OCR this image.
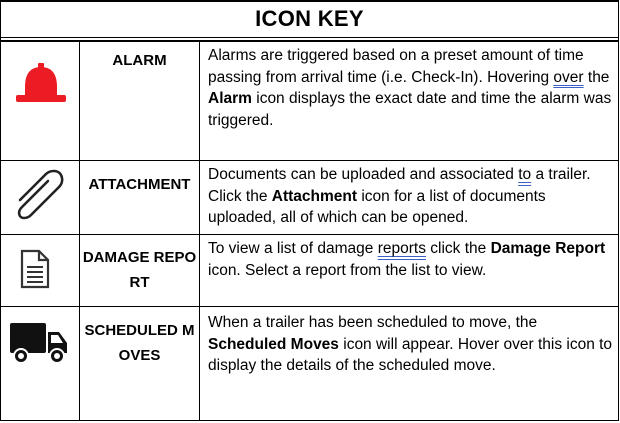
ICON KEY
ALARM	Alarms are triggered based on a preset amount of time passing from arrival time (i.e. Check-In). Hovering over the Alarm icon displays the exact date and time the alarm was triggered.
ATTACHMENT
Documents can be uploaded and associated to a trailer. Click the Attachment icon for a list of documents uploaded, all of which can be opened.
DAMAGE REPORT
To view a list of damage reports click the Damage Report icon. Select a report from the list to view.
SCHEDULED MOVES
When a trailer has been scheduled to move, the Scheduled Moves icon will appear. Hover over this icon to display the details of the scheduled move.
